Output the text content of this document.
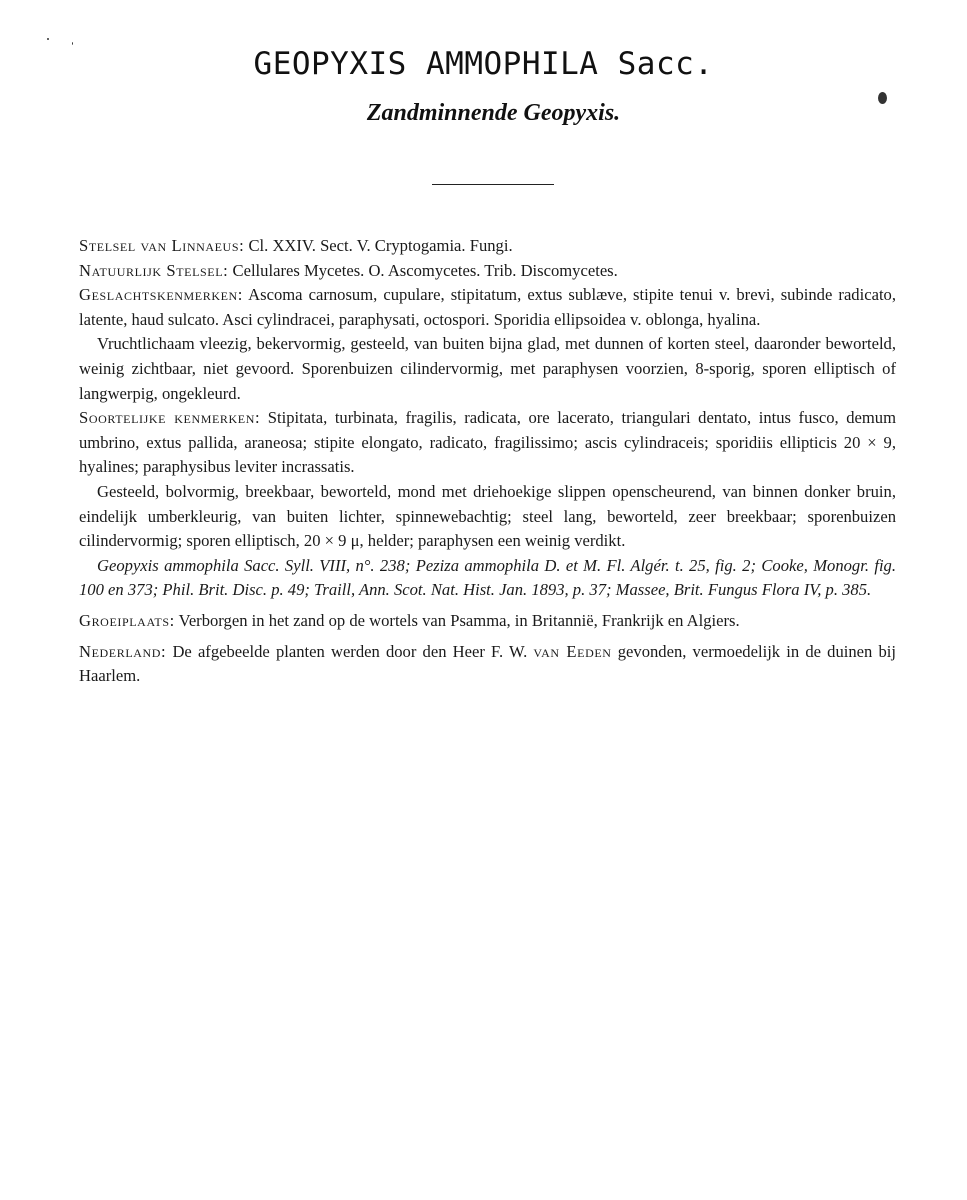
GEOPYXIS AMMOPHILA Sacc.
Zandminnende Geopyxis.

Stelsel van Linnaeus: Cl. XXIV. Sect. V. Cryptogamia. Fungi.

Natuurlijk Stelsel: Cellulares Mycetes. O. Ascomycetes. Trib. Discomycetes.

Geslachtskenmerken: Ascoma carnosum, cupulare, stipitatum, extus sublæve, stipite tenui v. brevi, subinde radicato, latente, haud sulcato. Asci cylindracei, paraphysati, octospori. Sporidia ellipsoidea v. oblonga, hyalina.

Vruchtlichaam vleezig, bekervormig, gesteeld, van buiten bijna glad, met dunnen of korten steel, daaronder beworteld, weinig zichtbaar, niet gevoord. Sporenbuizen cilindervormig, met paraphysen voorzien, 8-sporig, sporen elliptisch of langwerpig, ongekleurd.

Soortelijke kenmerken: Stipitata, turbinata, fragilis, radicata, ore lacerato, triangulari dentato, intus fusco, demum umbrino, extus pallida, araneosa; stipite elongato, radicato, fragilissimo; ascis cylindraceis; sporidiis ellipticis 20 × 9, hyalines; paraphysibus leviter incrassatis.

Gesteeld, bolvormig, breekbaar, beworteld, mond met driehoekige slippen openscheurend, van binnen donker bruin, eindelijk umberkleurig, van buiten lichter, spinnewebachtig; steel lang, beworteld, zeer breekbaar; sporenbuizen cilindervormig; sporen elliptisch, 20 × 9 μ, helder; paraphysen een weinig verdikt.

Geopyxis ammophila Sacc. Syll. VIII, n°. 238; Peziza ammophila D. et M. Fl. Algér. t. 25, fig. 2; Cooke, Monogr. fig. 100 en 373; Phil. Brit. Disc. p. 49; Traill, Ann. Scot. Nat. Hist. Jan. 1893, p. 37; Massee, Brit. Fungus Flora IV, p. 385.

Groeiplaats: Verborgen in het zand op de wortels van Psamma, in Britannië, Frankrijk en Algiers.

Nederland: De afgebeelde planten werden door den Heer F. W. van Eeden gevonden, vermoedelijk in de duinen bij Haarlem.
